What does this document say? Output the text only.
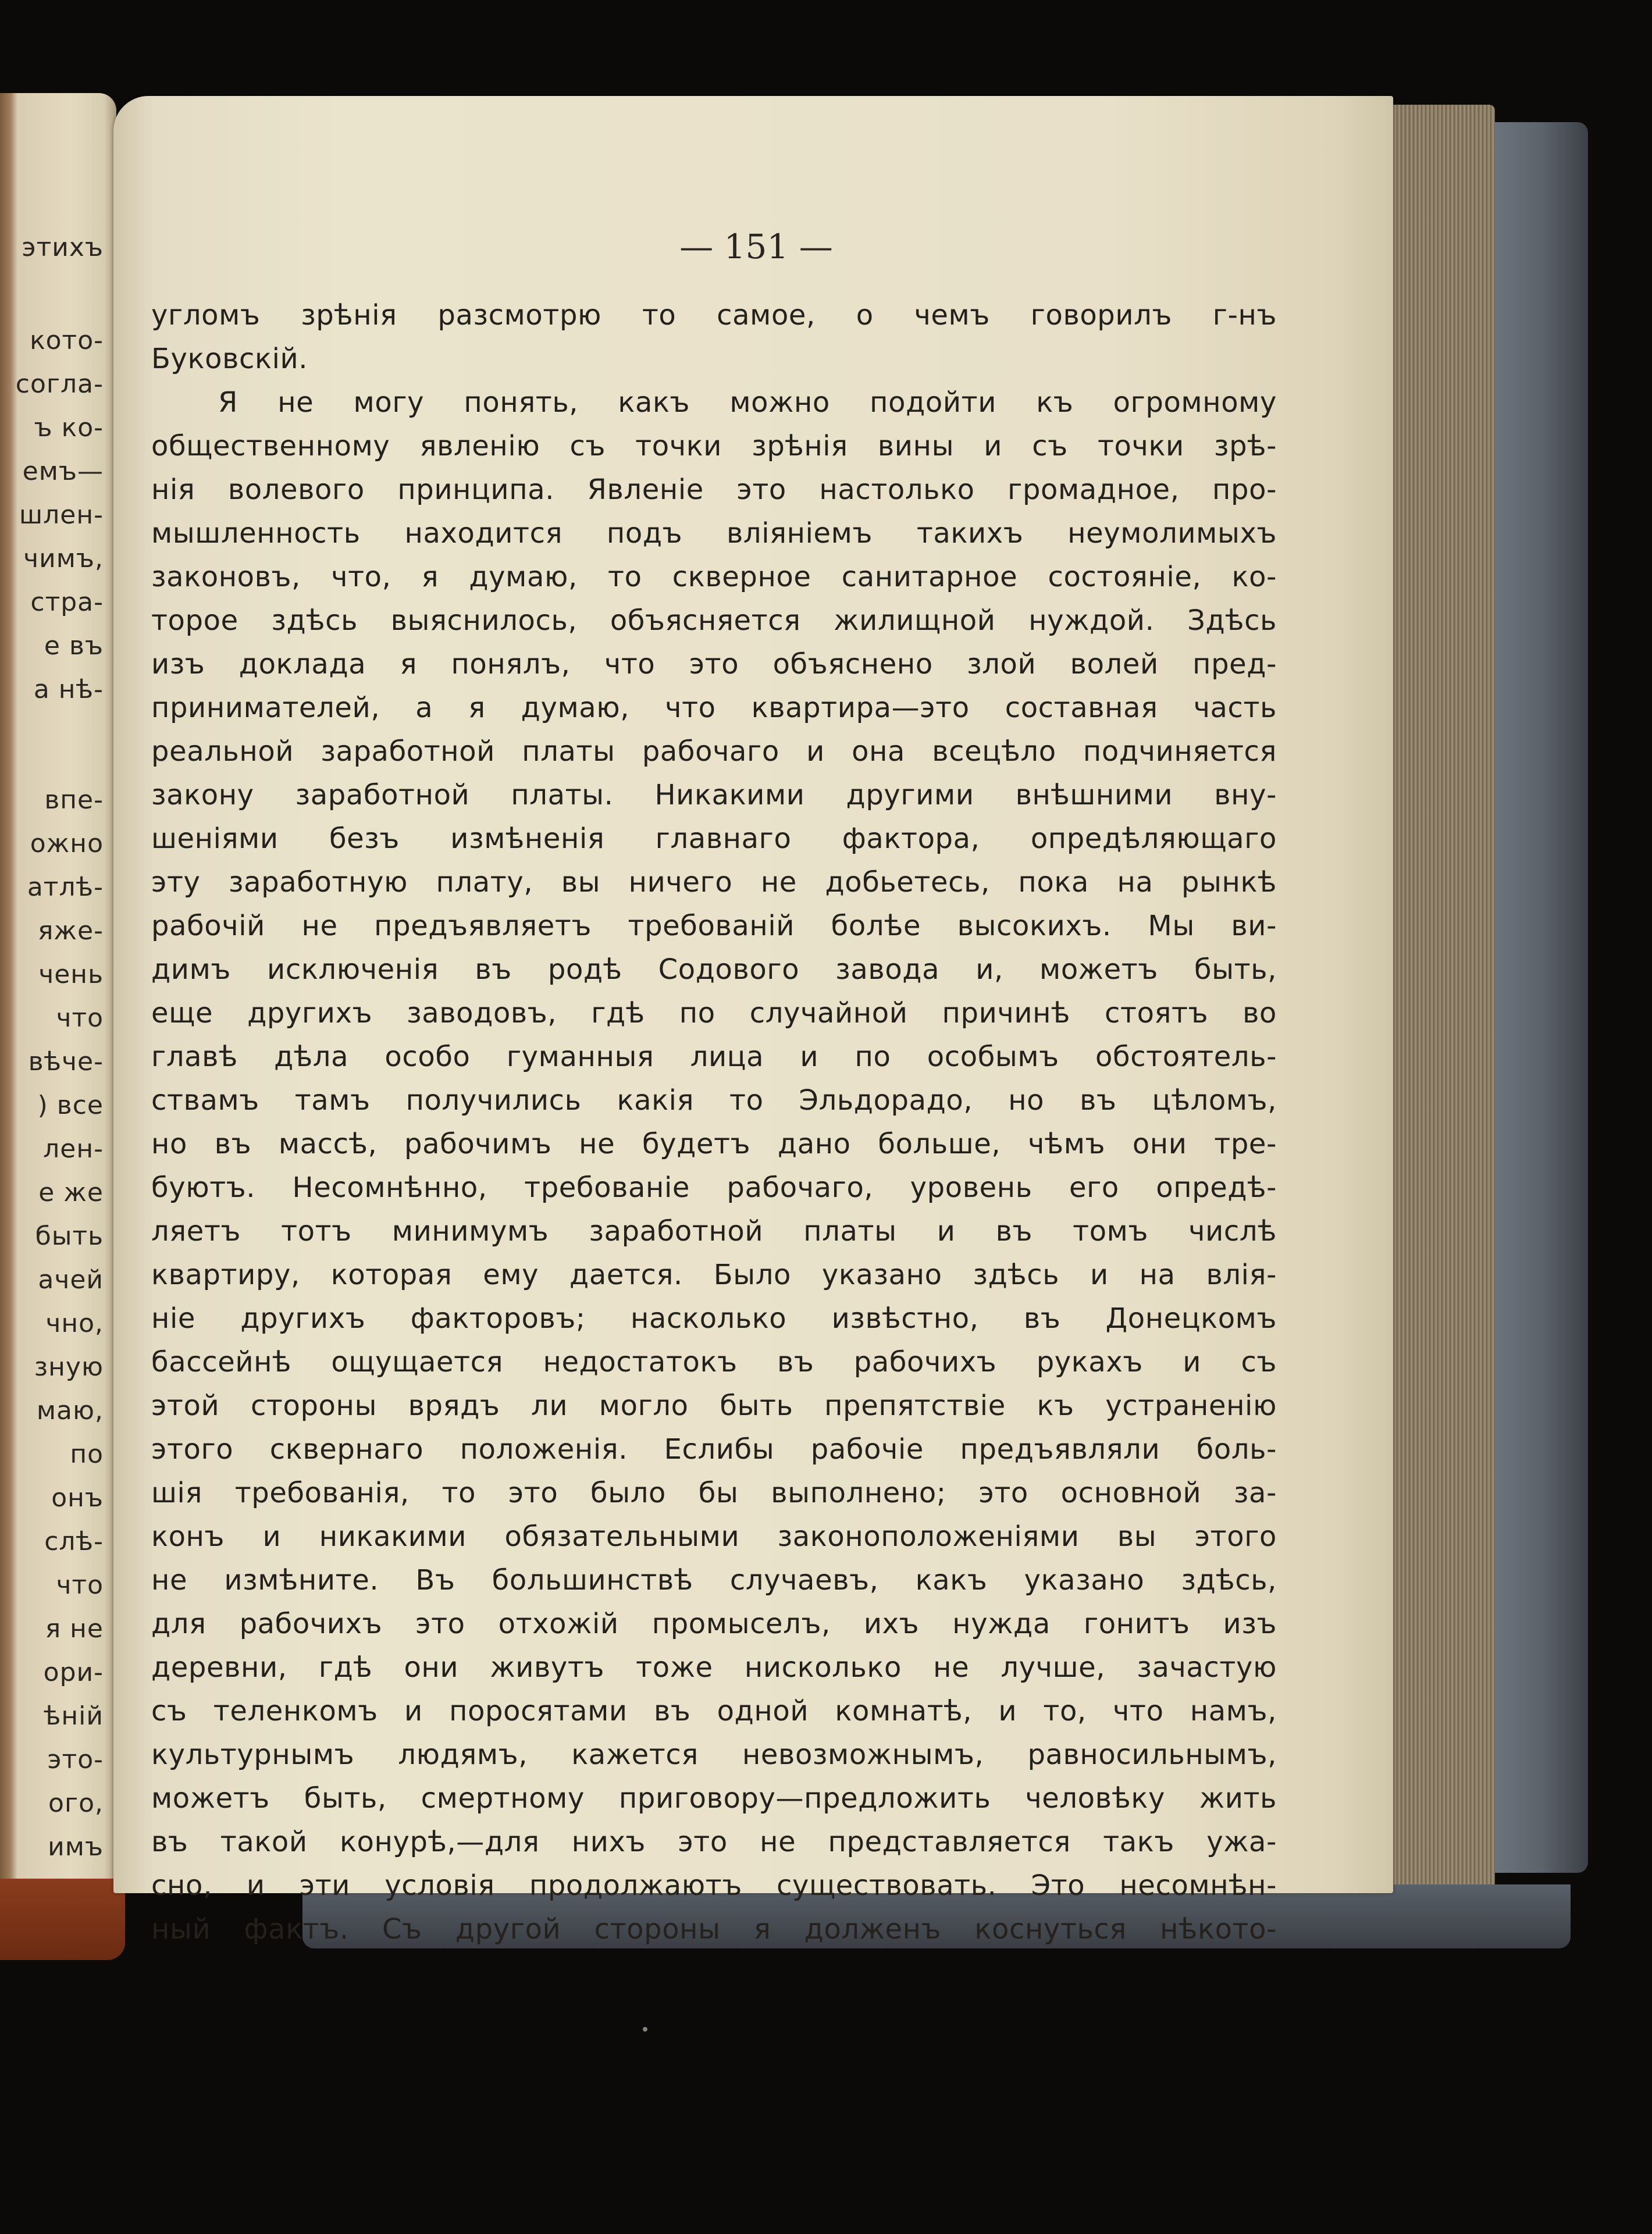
этихъ
кото-
согла-
ъ ко-
емъ—
шлен-
чимъ,
стра-
е въ
а нѣ-
впе-
ожно
атлѣ-
яже-
чень
что
вѣче-
) все
лен-
е же
быть
ачей
чно,
зную
маю,
по
онъ
слѣ-
что
я не
ори-
ѣній
это-
ого,
имъ
— 151 —
угломъ зрѣнія разсмотрю то самое, о чемъ говорилъ г-нъ
Буковскій.
Я не могу понять, какъ можно подойти къ огромному
общественному явленію съ точки зрѣнія вины и съ точки зрѣ-
нія волевого принципа. Явленіе это настолько громадное, про-
мышленность находится подъ вліяніемъ такихъ неумолимыхъ
законовъ, что, я думаю, то скверное санитарное состояніе, ко-
торое здѣсь выяснилось, объясняется жилищной нуждой. Здѣсь
изъ доклада я понялъ, что это объяснено злой волей пред-
принимателей, а я думаю, что квартира—это составная часть
реальной заработной платы рабочаго и она всецѣло подчиняется
закону заработной платы. Никакими другими внѣшними вну-
шеніями безъ измѣненія главнаго фактора, опредѣляющаго
эту заработную плату, вы ничего не добьетесь, пока на рынкѣ
рабочій не предъявляетъ требованій болѣе высокихъ. Мы ви-
димъ исключенія въ родѣ Содового завода и, можетъ быть,
еще другихъ заводовъ, гдѣ по случайной причинѣ стоятъ во
главѣ дѣла особо гуманныя лица и по особымъ обстоятель-
ствамъ тамъ получились какія то Эльдорадо, но въ цѣломъ,
но въ массѣ, рабочимъ не будетъ дано больше, чѣмъ они тре-
буютъ. Несомнѣнно, требованіе рабочаго, уровень его опредѣ-
ляетъ тотъ минимумъ заработной платы и въ томъ числѣ
квартиру, которая ему дается. Было указано здѣсь и на влія-
ніе другихъ факторовъ; насколько извѣстно, въ Донецкомъ
бассейнѣ ощущается недостатокъ въ рабочихъ рукахъ и съ
этой стороны врядъ ли могло быть препятствіе къ устраненію
этого сквернаго положенія. Еслибы рабочіе предъявляли боль-
шія требованія, то это было бы выполнено; это основной за-
конъ и никакими обязательными законоположеніями вы этого
не измѣните. Въ большинствѣ случаевъ, какъ указано здѣсь,
для рабочихъ это отхожій промыселъ, ихъ нужда гонитъ изъ
деревни, гдѣ они живутъ тоже нисколько не лучше, зачастую
съ теленкомъ и поросятами въ одной комнатѣ, и то, что намъ,
культурнымъ людямъ, кажется невозможнымъ, равносильнымъ,
можетъ быть, смертному приговору—предложить человѣку жить
въ такой конурѣ,—для нихъ это не представляется такъ ужа-
сно, и эти условія продолжаютъ существовать. Это несомнѣн-
ный фактъ. Съ другой стороны я долженъ коснуться нѣкото-
